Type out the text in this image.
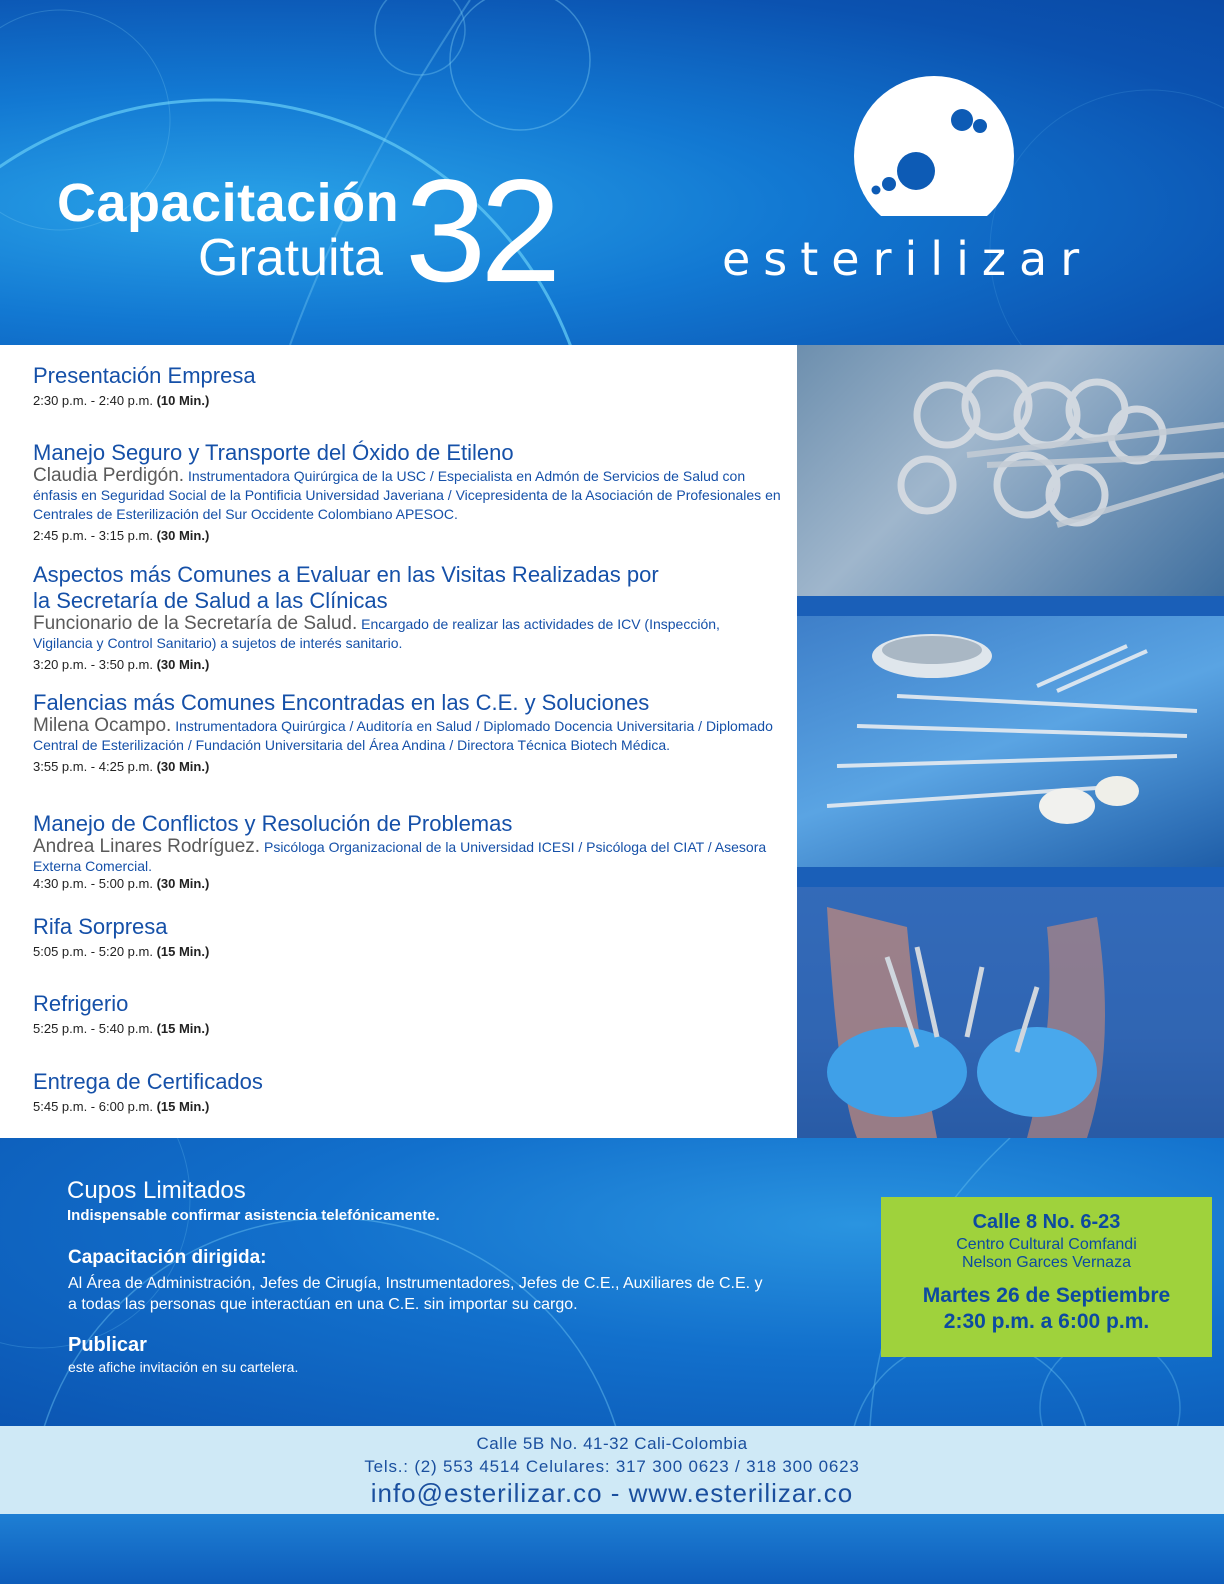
Capacitación
Gratuita 32	esterilizar
Presentación Empresa
2:30 p.m. - 2:40 p.m. (10 Min.)
Manejo Seguro y Transporte del Óxido de Etileno
Claudia Perdigón. Instrumentadora Quirúrgica de la USC / Especialista en Admón de Servicios de Salud con énfasis en Seguridad Social de la Pontificia Universidad Javeriana / Vicepresidenta de la Asociación de Profesionales en Centrales de Esterilización del Sur Occidente Colombiano APESOC.
2:45 p.m. - 3:15 p.m. (30 Min.)
Aspectos más Comunes a Evaluar en las Visitas Realizadas por la Secretaría de Salud a las Clínicas
Funcionario de la Secretaría de Salud. Encargado de realizar las actividades de ICV (Inspección, Vigilancia y Control Sanitario) a sujetos de interés sanitario.
3:20 p.m. - 3:50 p.m. (30 Min.)
Falencias más Comunes Encontradas en las C.E. y Soluciones
Milena Ocampo. Instrumentadora Quirúrgica / Auditoría en Salud / Diplomado Docencia Universitaria / Diplomado Central de Esterilización / Fundación Universitaria del Área Andina / Directora Técnica Biotech Médica.
3:55 p.m. - 4:25 p.m. (30 Min.)
Manejo de Conflictos y Resolución de Problemas
Andrea Linares Rodríguez. Psicóloga Organizacional de la Universidad ICESI / Psicóloga del CIAT / Asesora Externa Comercial.
4:30 p.m. - 5:00 p.m. (30 Min.)
Rifa Sorpresa
5:05 p.m. - 5:20 p.m. (15 Min.)
Refrigerio
5:25 p.m. - 5:40 p.m. (15 Min.)
Entrega de Certificados
5:45 p.m. - 6:00 p.m. (15 Min.)
Cupos Limitados
Indispensable confirmar asistencia telefónicamente.
Capacitación dirigida:
Al Área de Administración, Jefes de Cirugía, Instrumentadores, Jefes de C.E., Auxiliares de C.E. y a todas las personas que interactúan en una C.E. sin importar su cargo.
Publicar
este afiche invitación en su cartelera.
Calle 8 No. 6-23
Centro Cultural Comfandi
Nelson Garces Vernaza
Martes 26 de Septiembre
2:30 p.m. a 6:00 p.m.
Calle 5B No. 41-32 Cali-Colombia
Tels.: (2) 553 4514 Celulares: 317 300 0623 / 318 300 0623
info@esterilizar.co - www.esterilizar.co
